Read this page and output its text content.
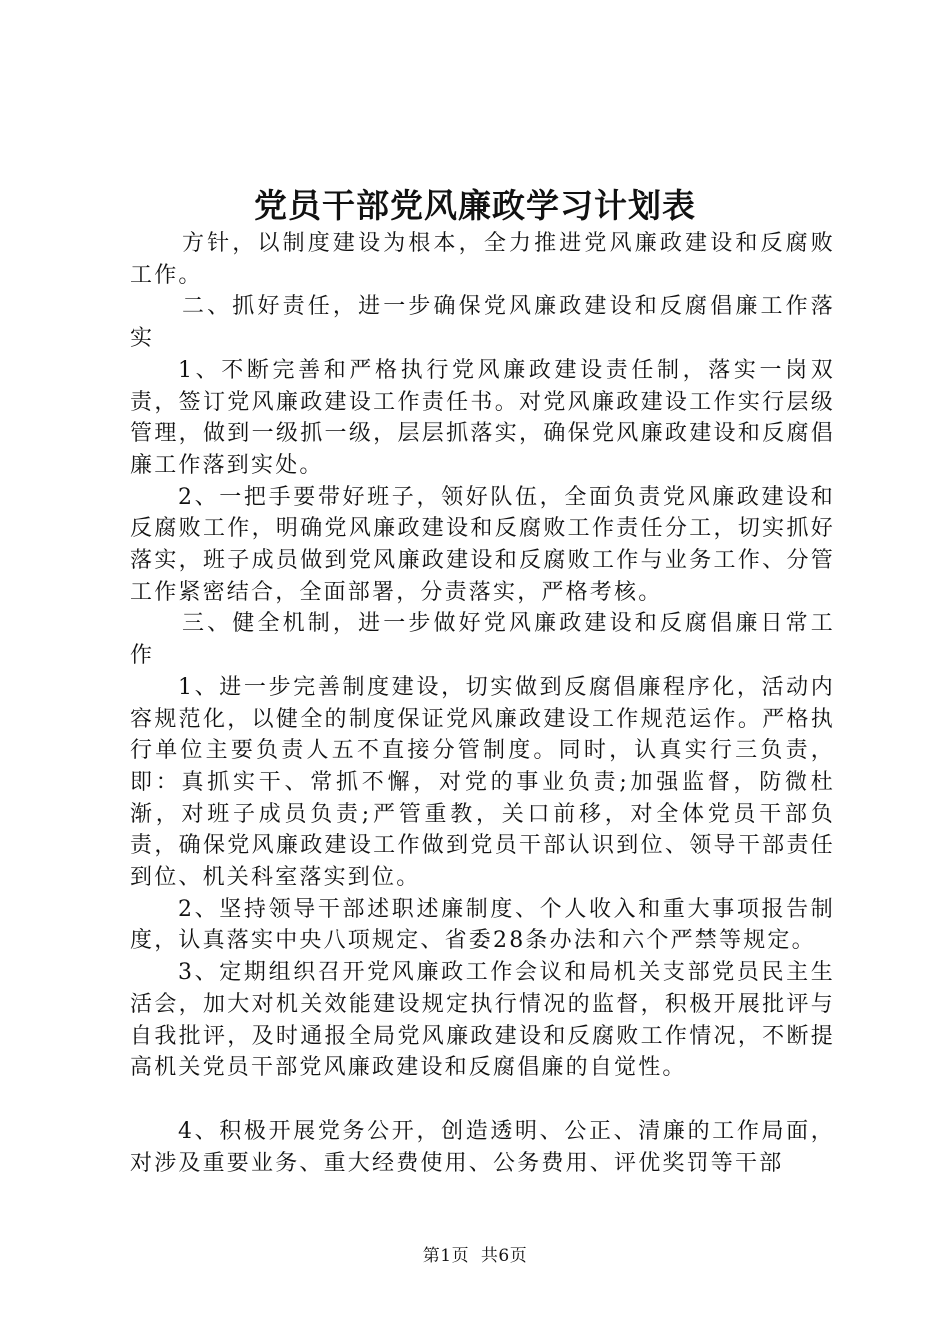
党员干部党风廉政学习计划表

方针，以制度建设为根本，全力推进党风廉政建设和反腐败工作。

二、抓好责任，进一步确保党风廉政建设和反腐倡廉工作落实

1、不断完善和严格执行党风廉政建设责任制，落实一岗双责，签订党风廉政建设工作责任书。对党风廉政建设工作实行层级管理，做到一级抓一级，层层抓落实，确保党风廉政建设和反腐倡廉工作落到实处。

2、一把手要带好班子，领好队伍，全面负责党风廉政建设和反腐败工作，明确党风廉政建设和反腐败工作责任分工，切实抓好落实，班子成员做到党风廉政建设和反腐败工作与业务工作、分管工作紧密结合，全面部署，分责落实，严格考核。

三、健全机制，进一步做好党风廉政建设和反腐倡廉日常工作

1、进一步完善制度建设，切实做到反腐倡廉程序化，活动内容规范化，以健全的制度保证党风廉政建设工作规范运作。严格执行单位主要负责人五不直接分管制度。同时，认真实行三负责，即：真抓实干、常抓不懈，对党的事业负责;加强监督，防微杜渐，对班子成员负责;严管重教，关口前移，对全体党员干部负责，确保党风廉政建设工作做到党员干部认识到位、领导干部责任到位、机关科室落实到位。

2、坚持领导干部述职述廉制度、个人收入和重大事项报告制度，认真落实中央八项规定、省委28条办法和六个严禁等规定。

3、定期组织召开党风廉政工作会议和局机关支部党员民主生活会，加大对机关效能建设规定执行情况的监督，积极开展批评与自我批评，及时通报全局党风廉政建设和反腐败工作情况，不断提高机关党员干部党风廉政建设和反腐倡廉的自觉性。

4、积极开展党务公开，创造透明、公正、清廉的工作局面，对涉及重要业务、重大经费使用、公务费用、评优奖罚等干部

第1页 共6页
